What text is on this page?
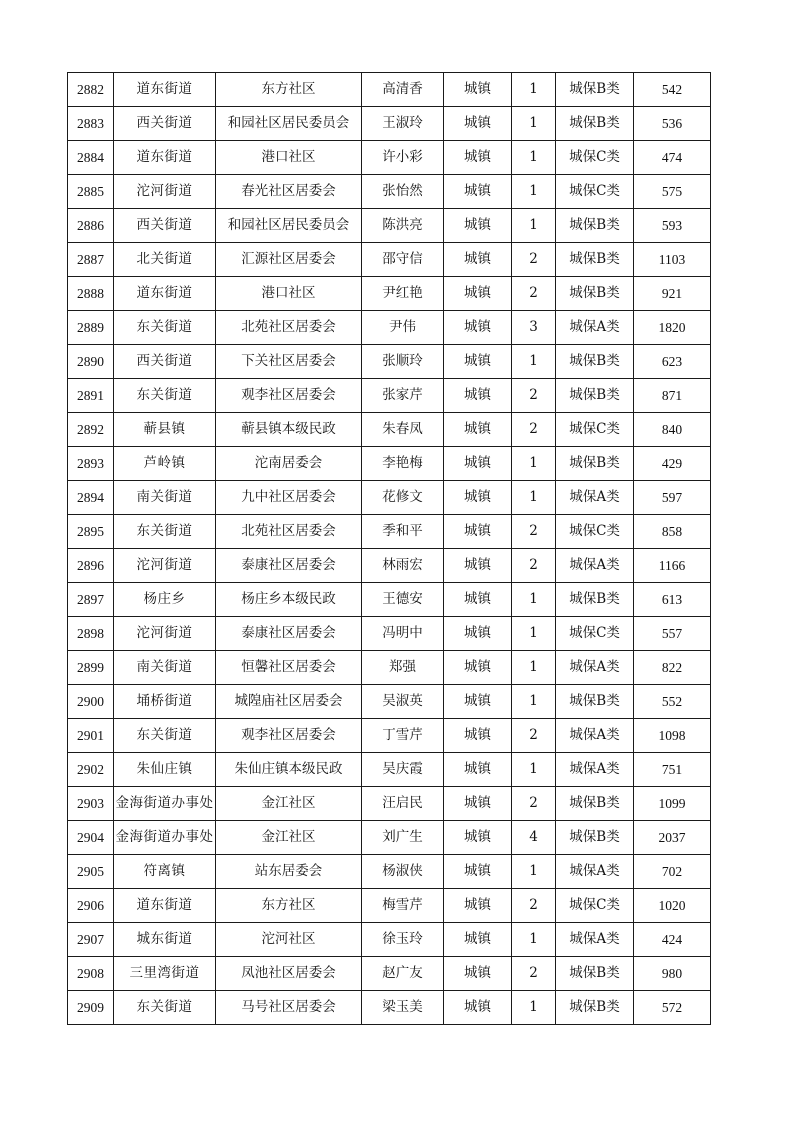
2882	道东街道	东方社区	高清香	城镇	1	城保B类	542
2883	西关街道	和园社区居民委员会	王淑玲	城镇	1	城保B类	536
2884	道东街道	港口社区	许小彩	城镇	1	城保C类	474
2885	沱河街道	春光社区居委会	张怡然	城镇	1	城保C类	575
2886	西关街道	和园社区居民委员会	陈洪亮	城镇	1	城保B类	593
2887	北关街道	汇源社区居委会	邵守信	城镇	2	城保B类	1103
2888	道东街道	港口社区	尹红艳	城镇	2	城保B类	921
2889	东关街道	北苑社区居委会	尹伟	城镇	3	城保A类	1820
2890	西关街道	下关社区居委会	张顺玲	城镇	1	城保B类	623
2891	东关街道	观李社区居委会	张家芹	城镇	2	城保B类	871
2892	蕲县镇	蕲县镇本级民政	朱春凤	城镇	2	城保C类	840
2893	芦岭镇	沱南居委会	李艳梅	城镇	1	城保B类	429
2894	南关街道	九中社区居委会	花修文	城镇	1	城保A类	597
2895	东关街道	北苑社区居委会	季和平	城镇	2	城保C类	858
2896	沱河街道	泰康社区居委会	林雨宏	城镇	2	城保A类	1166
2897	杨庄乡	杨庄乡本级民政	王德安	城镇	1	城保B类	613
2898	沱河街道	泰康社区居委会	冯明中	城镇	1	城保C类	557
2899	南关街道	恒馨社区居委会	郑强	城镇	1	城保A类	822
2900	埇桥街道	城隍庙社区居委会	吴淑英	城镇	1	城保B类	552
2901	东关街道	观李社区居委会	丁雪芹	城镇	2	城保A类	1098
2902	朱仙庄镇	朱仙庄镇本级民政	吴庆霞	城镇	1	城保A类	751
2903	金海街道办事处	金江社区	汪启民	城镇	2	城保B类	1099
2904	金海街道办事处	金江社区	刘广生	城镇	4	城保B类	2037
2905	符离镇	站东居委会	杨淑侠	城镇	1	城保A类	702
2906	道东街道	东方社区	梅雪芹	城镇	2	城保C类	1020
2907	城东街道	沱河社区	徐玉玲	城镇	1	城保A类	424
2908	三里湾街道	凤池社区居委会	赵广友	城镇	2	城保B类	980
2909	东关街道	马号社区居委会	梁玉美	城镇	1	城保B类	572
